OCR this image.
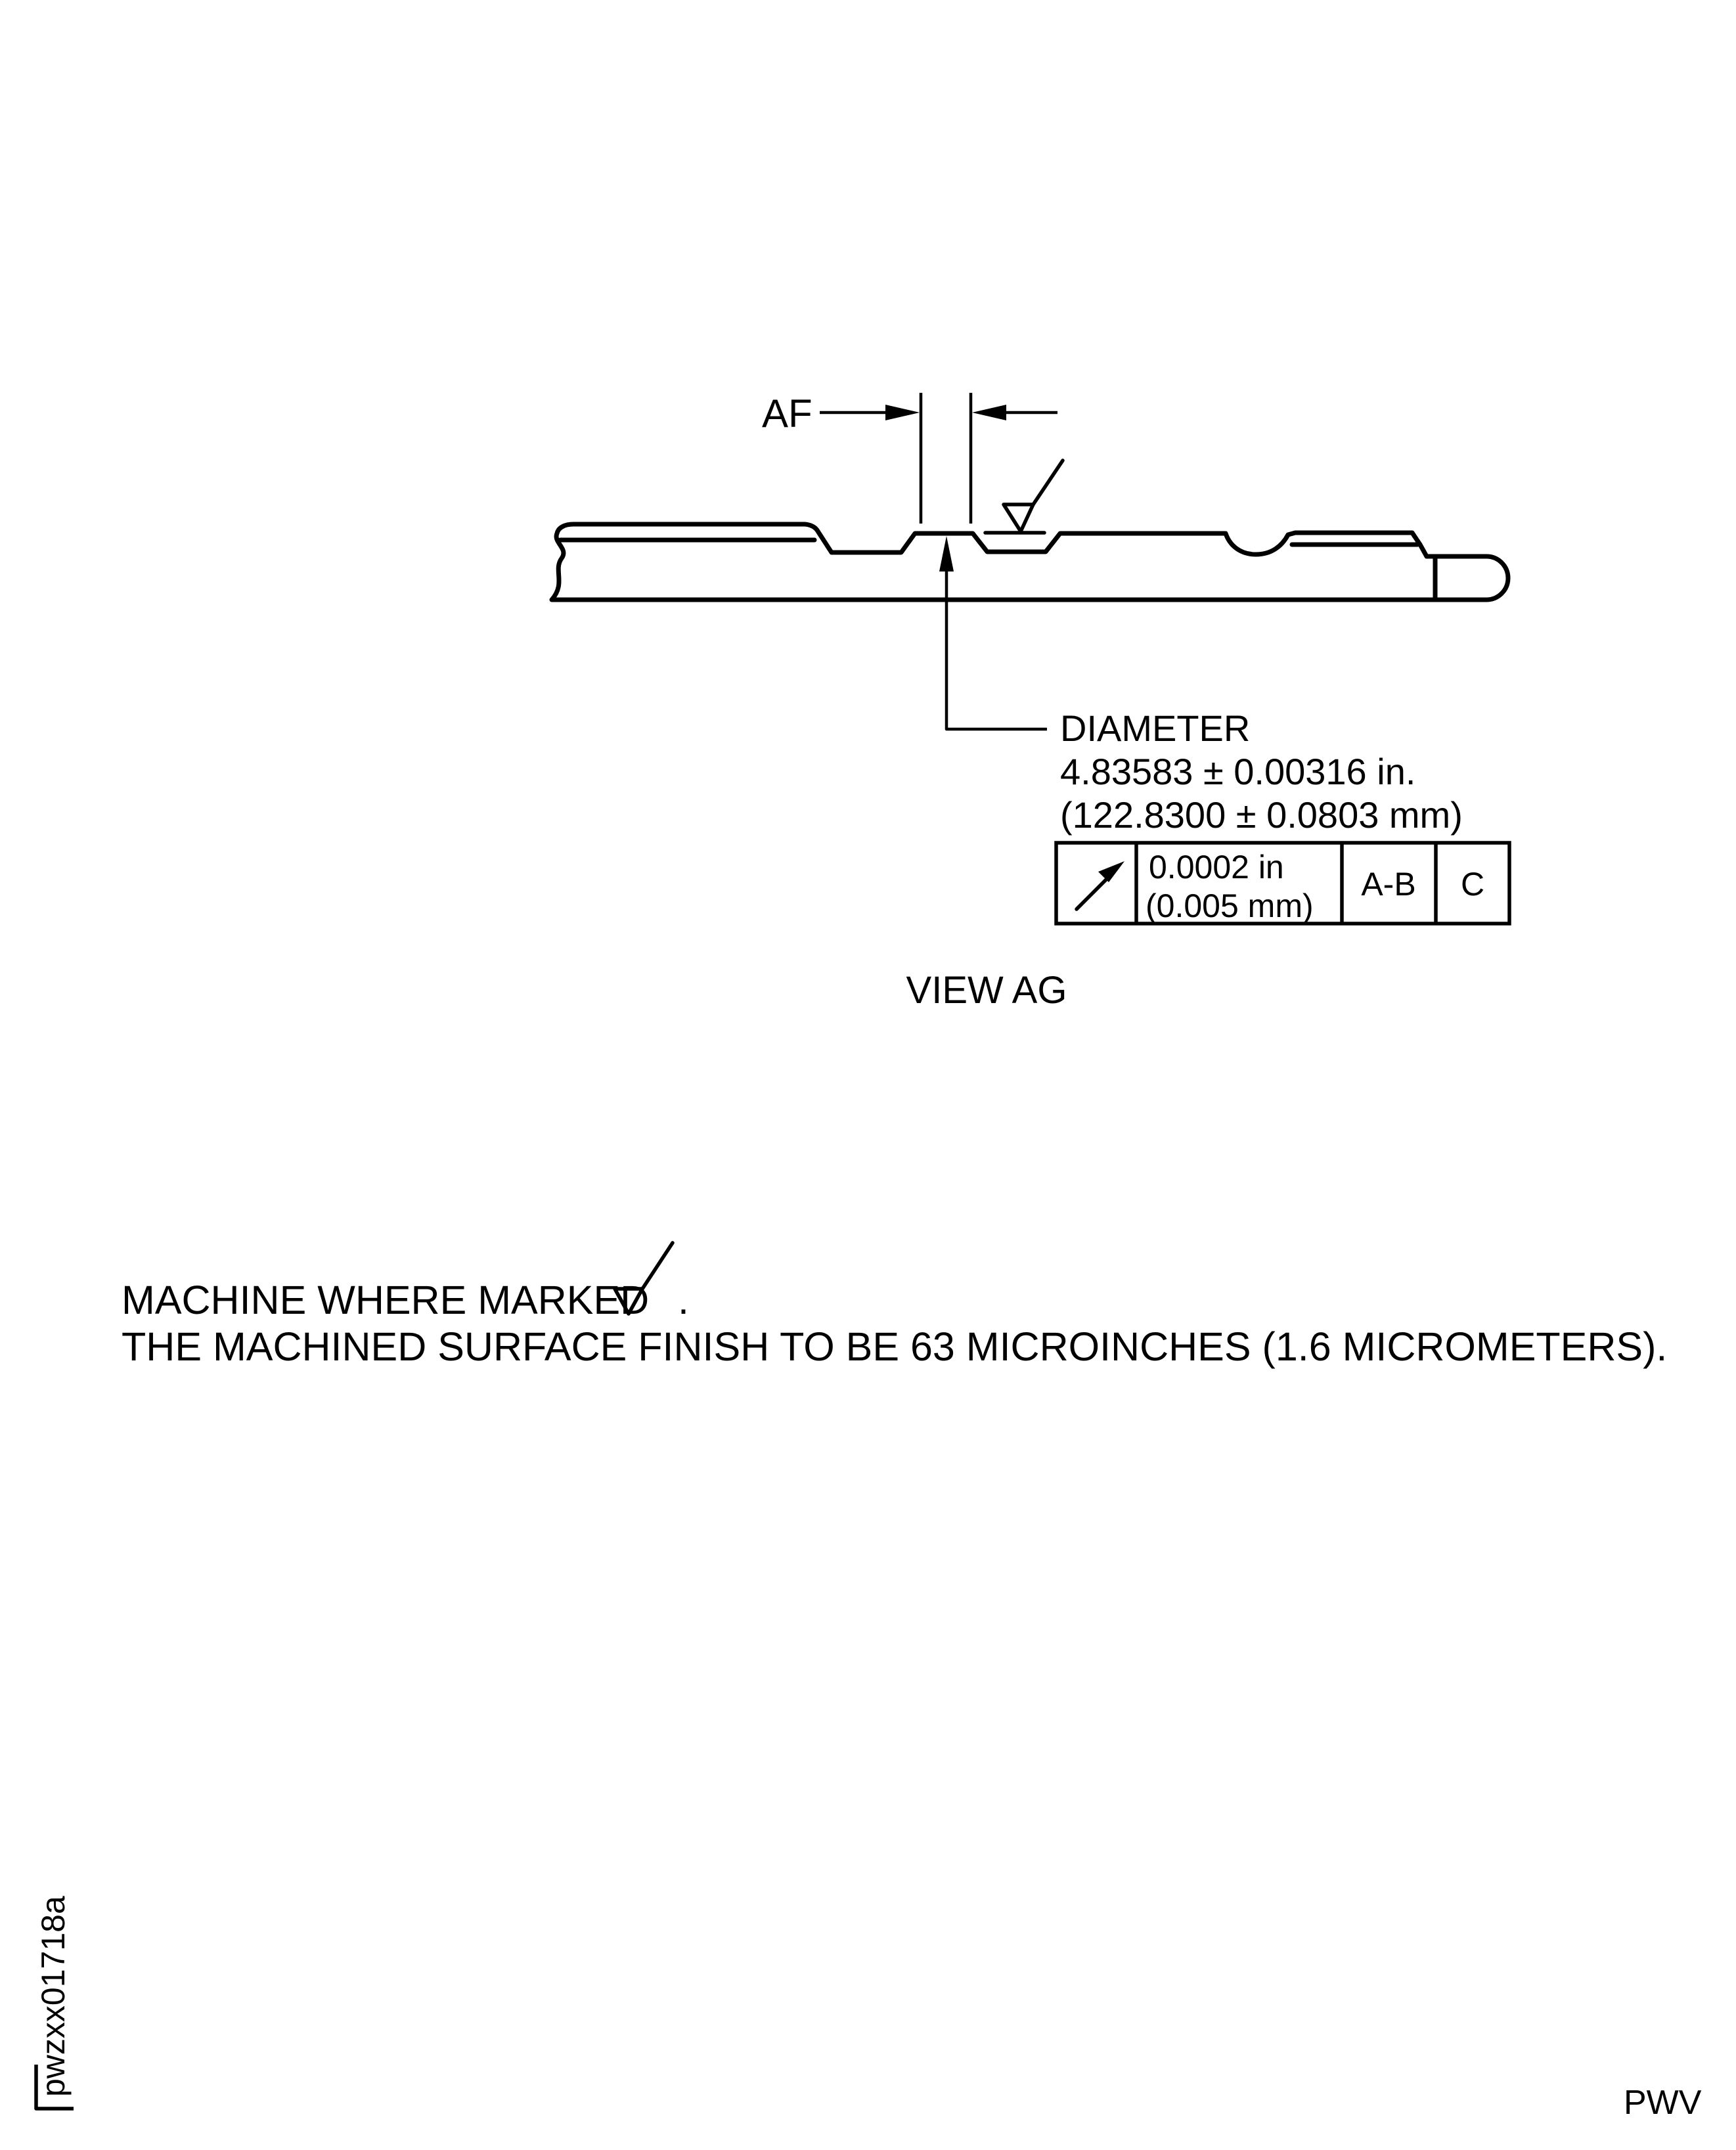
AF
DIAMETER
4.83583 ± 0.00316 in.
(122.8300 ± 0.0803 mm)
0.0002 in
(0.005 mm)
A-B C
VIEW AG
MACHINE WHERE MARKED .
THE MACHINED SURFACE FINISH TO BE 63 MICROINCHES (1.6 MICROMETERS).
pwzxx01718a
PWV
